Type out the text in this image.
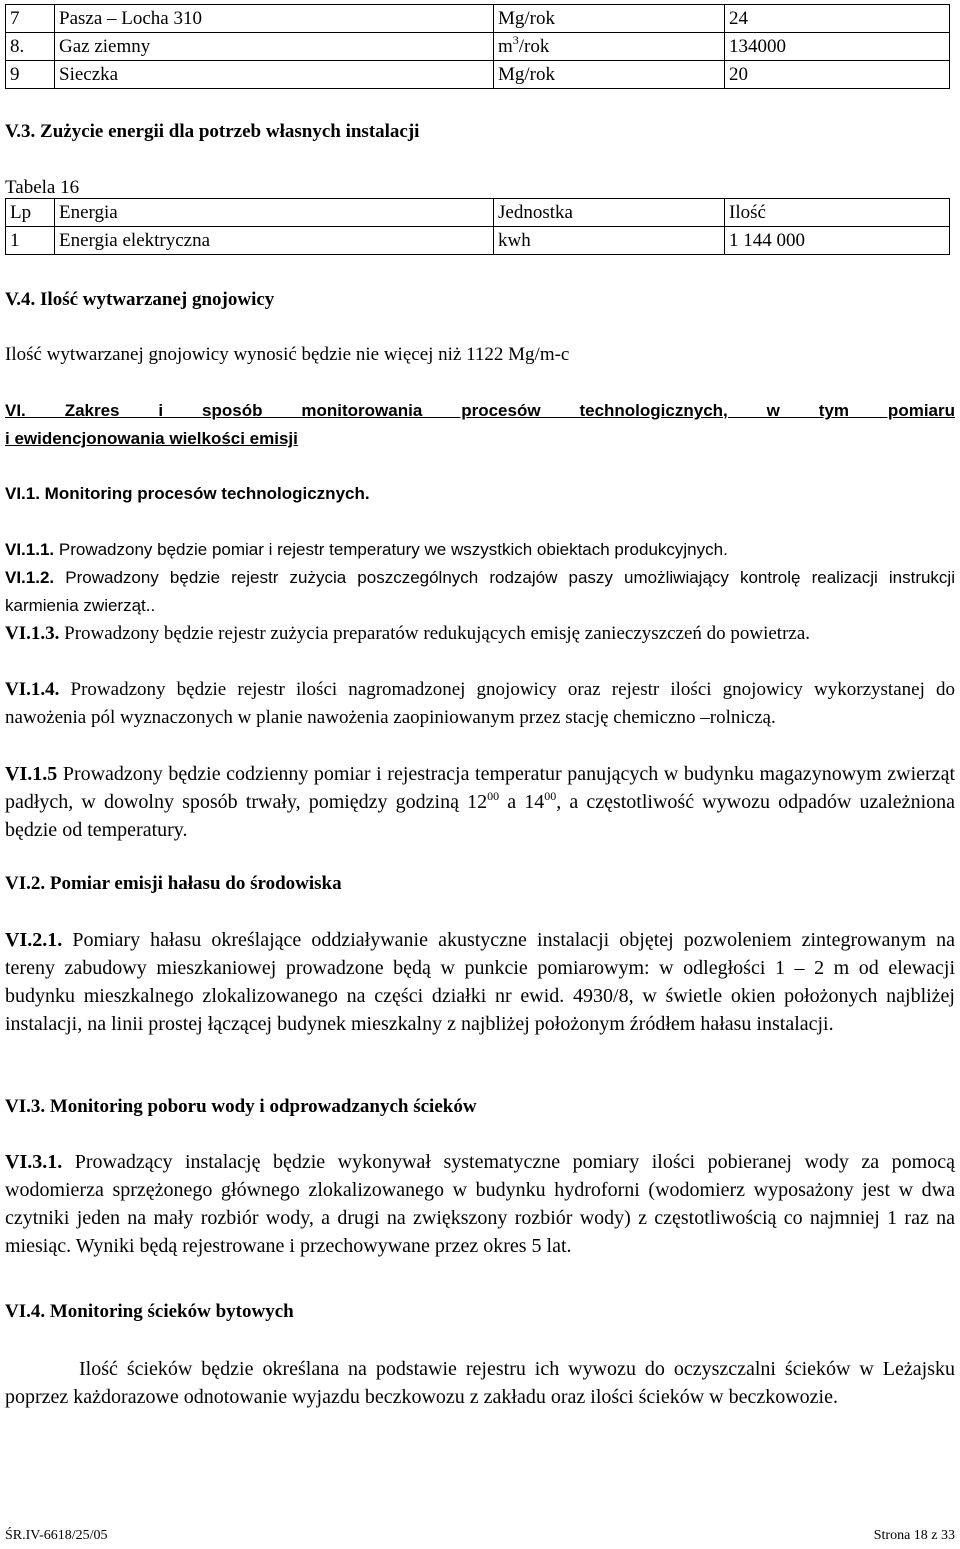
7	Pasza – Locha 310	Mg/rok	24
8.	Gaz ziemny	$m^3$/rok	134000
9	Sieczka	Mg/rok	20
V.3. Zużycie energii dla potrzeb własnych instalacji
Tabela 16
Lp	Energia	Jednostka	Ilość
1	Energia elektryczna	kwh	1 144 000
V.4. Ilość wytwarzanej gnojowicy
Ilość wytwarzanej gnojowicy wynosić będzie nie więcej niż 1122 Mg/m-c

VI. Zakres i sposób monitorowania procesów technologicznych, w tym pomiaru

i ewidencjonowania wielkości emisji

VI.1. Monitoring procesów technologicznych.

VI.1.1. Prowadzony będzie pomiar i rejestr temperatury we wszystkich obiektach produkcyjnych.

VI.1.2. Prowadzony będzie rejestr zużycia poszczególnych rodzajów paszy umożliwiający kontrolę realizacji instrukcji karmienia zwierząt..

VI.1.3. Prowadzony będzie rejestr zużycia preparatów redukujących emisję zanieczyszczeń do powietrza.

VI.1.4. Prowadzony będzie rejestr ilości nagromadzonej gnojowicy oraz rejestr ilości gnojowicy wykorzystanej do nawożenia pól wyznaczonych w planie nawożenia zaopiniowanym przez stację chemiczno –rolniczą.

VI.1.5 Prowadzony będzie codzienny pomiar i rejestracja temperatur panujących w budynku magazynowym zwierząt padłych, w dowolny sposób trwały, pomiędzy godziną $12^{00}$ a $14^{00}$, a częstotliwość wywozu odpadów uzależniona będzie od temperatury.

VI.2. Pomiar emisji hałasu do środowiska

VI.2.1. Pomiary hałasu określające oddziaływanie akustyczne instalacji objętej pozwoleniem zintegrowanym na tereny zabudowy mieszkaniowej prowadzone będą w punkcie pomiarowym: w odległości 1 – 2 m od elewacji budynku mieszkalnego zlokalizowanego na części działki nr ewid. 4930/8, w świetle okien położonych najbliżej instalacji, na linii prostej łączącej budynek mieszkalny z najbliżej położonym źródłem hałasu instalacji.

VI.3. Monitoring poboru wody i odprowadzanych ścieków

VI.3.1. Prowadzący instalację będzie wykonywał systematyczne pomiary ilości pobieranej wody za pomocą wodomierza sprzężonego głównego zlokalizowanego w budynku hydroforni (wodomierz wyposażony jest w dwa czytniki jeden na mały rozbiór wody, a drugi na zwiększony rozbiór wody) z częstotliwością co najmniej 1 raz na miesiąc. Wyniki będą rejestrowane i przechowywane przez okres 5 lat.

VI.4. Monitoring ścieków bytowych

Ilość ścieków będzie określana na podstawie rejestru ich wywozu do oczyszczalni ścieków w Leżajsku poprzez każdorazowe odnotowanie wyjazdu beczkowozu z zakładu oraz ilości ścieków w beczkowozie.

ŚR.IV-6618/25/05	Strona 18 z 33
